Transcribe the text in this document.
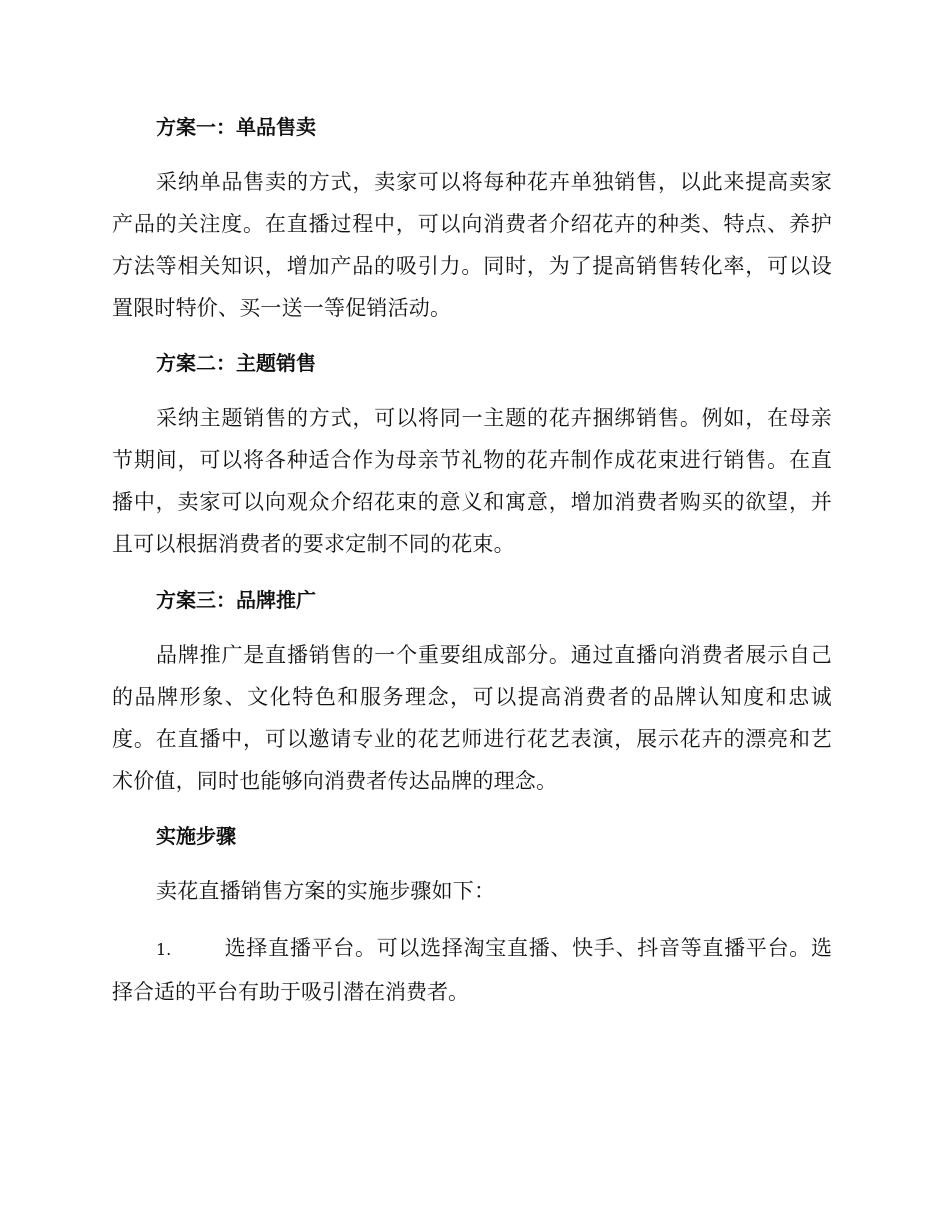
方案一：单品售卖
采纳单品售卖的方式，卖家可以将每种花卉单独销售，以此来提高卖家产品的关注度。在直播过程中，可以向消费者介绍花卉的种类、特点、养护方法等相关知识，增加产品的吸引力。同时，为了提高销售转化率，可以设置限时特价、买一送一等促销活动。
方案二：主题销售
采纳主题销售的方式，可以将同一主题的花卉捆绑销售。例如，在母亲节期间，可以将各种适合作为母亲节礼物的花卉制作成花束进行销售。在直播中，卖家可以向观众介绍花束的意义和寓意，增加消费者购买的欲望，并且可以根据消费者的要求定制不同的花束。
方案三：品牌推广
品牌推广是直播销售的一个重要组成部分。通过直播向消费者展示自己的品牌形象、文化特色和服务理念，可以提高消费者的品牌认知度和忠诚度。在直播中，可以邀请专业的花艺师进行花艺表演，展示花卉的漂亮和艺术价值，同时也能够向消费者传达品牌的理念。
实施步骤
卖花直播销售方案的实施步骤如下：
1.	选择直播平台。可以选择淘宝直播、快手、抖音等直播平台。选择合适的平台有助于吸引潜在消费者。
